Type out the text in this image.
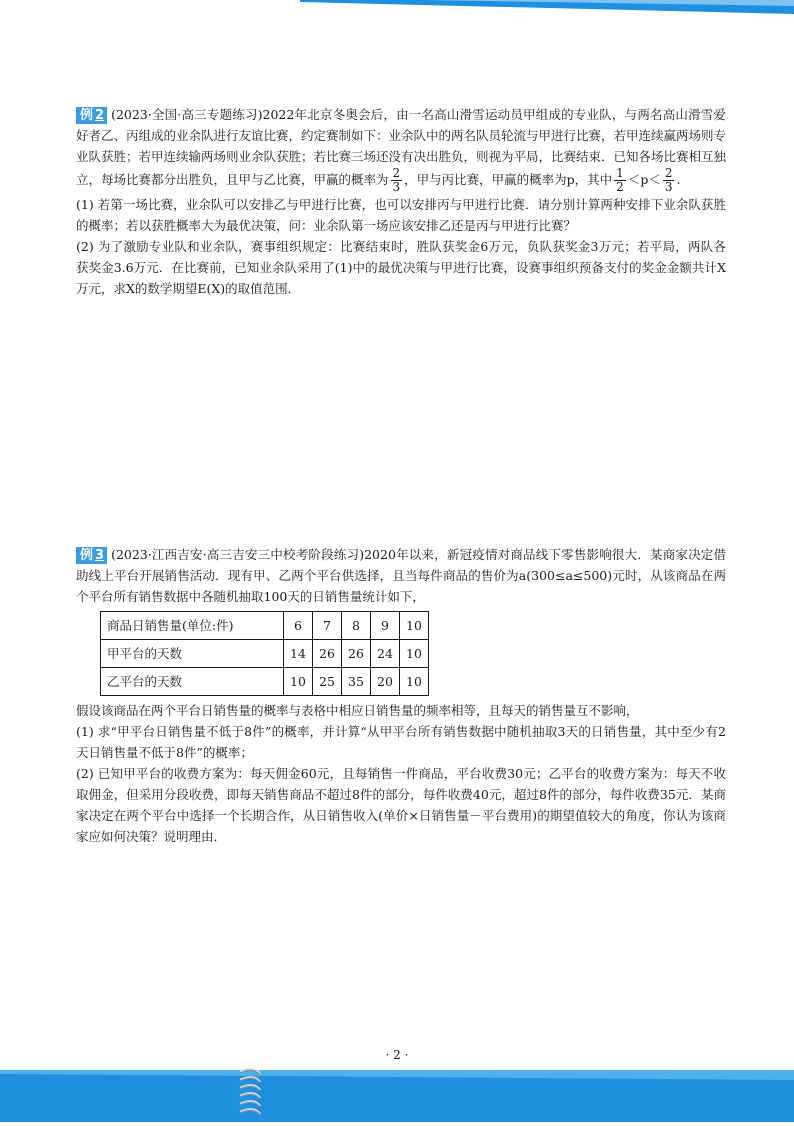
例 2 (2023·全国·高三专题练习)2022年北京冬奥会后，由一名高山滑雪运动员甲组成的专业队，与两名高山滑雪爱好者乙、丙组成的业余队进行友谊比赛，约定赛制如下：业余队中的两名队员轮流与甲进行比赛，若甲连续赢两场则专业队获胜；若甲连续输两场则业余队获胜；若比赛三场还没有决出胜负，则视为平局，比赛结束．已知各场比赛相互独立，每场比赛都分出胜负，且甲与乙比赛，甲赢的概率为 $\frac{2}{3}$ ，甲与丙比赛，甲赢的概率为p，其中 $\frac{1}{2} <p< \frac{2}{3}$ .

(1) 若第一场比赛，业余队可以安排乙与甲进行比赛，也可以安排丙与甲进行比赛．请分别计算两种安排下业余队获胜的概率；若以获胜概率大为最优决策，问：业余队第一场应该安排乙还是丙与甲进行比赛？

(2) 为了激励专业队和业余队，赛事组织规定：比赛结束时，胜队获奖金6万元，负队获奖金3万元；若平局，两队各获奖金3.6万元．在比赛前，已知业余队采用了(1)中的最优决策与甲进行比赛，设赛事组织预备支付的奖金金额共计X万元，求X的数学期望E(X)的取值范围．

例 3 (2023·江西吉安·高三吉安三中校考阶段练习)2020年以来，新冠疫情对商品线下零售影响很大．某商家决定借助线上平台开展销售活动．现有甲、乙两个平台供选择，且当每件商品的售价为a(300≤a≤500)元时，从该商品在两个平台所有销售数据中各随机抽取100天的日销售量统计如下，

商品日销售量(单位:件)	6	7	8	9	10
甲平台的天数	14	26	26	24	10
乙平台的天数	10	25	35	20	10

假设该商品在两个平台日销售量的概率与表格中相应日销售量的频率相等，且每天的销售量互不影响，

(1) 求“甲平台日销售量不低于8件”的概率，并计算“从甲平台所有销售数据中随机抽取3天的日销售量，其中至少有2天日销售量不低于8件”的概率；

(2) 已知甲平台的收费方案为：每天佣金60元，且每销售一件商品，平台收费30元；乙平台的收费方案为：每天不收取佣金，但采用分段收费，即每天销售商品不超过8件的部分，每件收费40元，超过8件的部分，每件收费35元．某商家决定在两个平台中选择一个长期合作，从日销售收入(单价×日销售量－平台费用)的期望值较大的角度，你认为该商家应如何决策？说明理由．

· 2 ·
